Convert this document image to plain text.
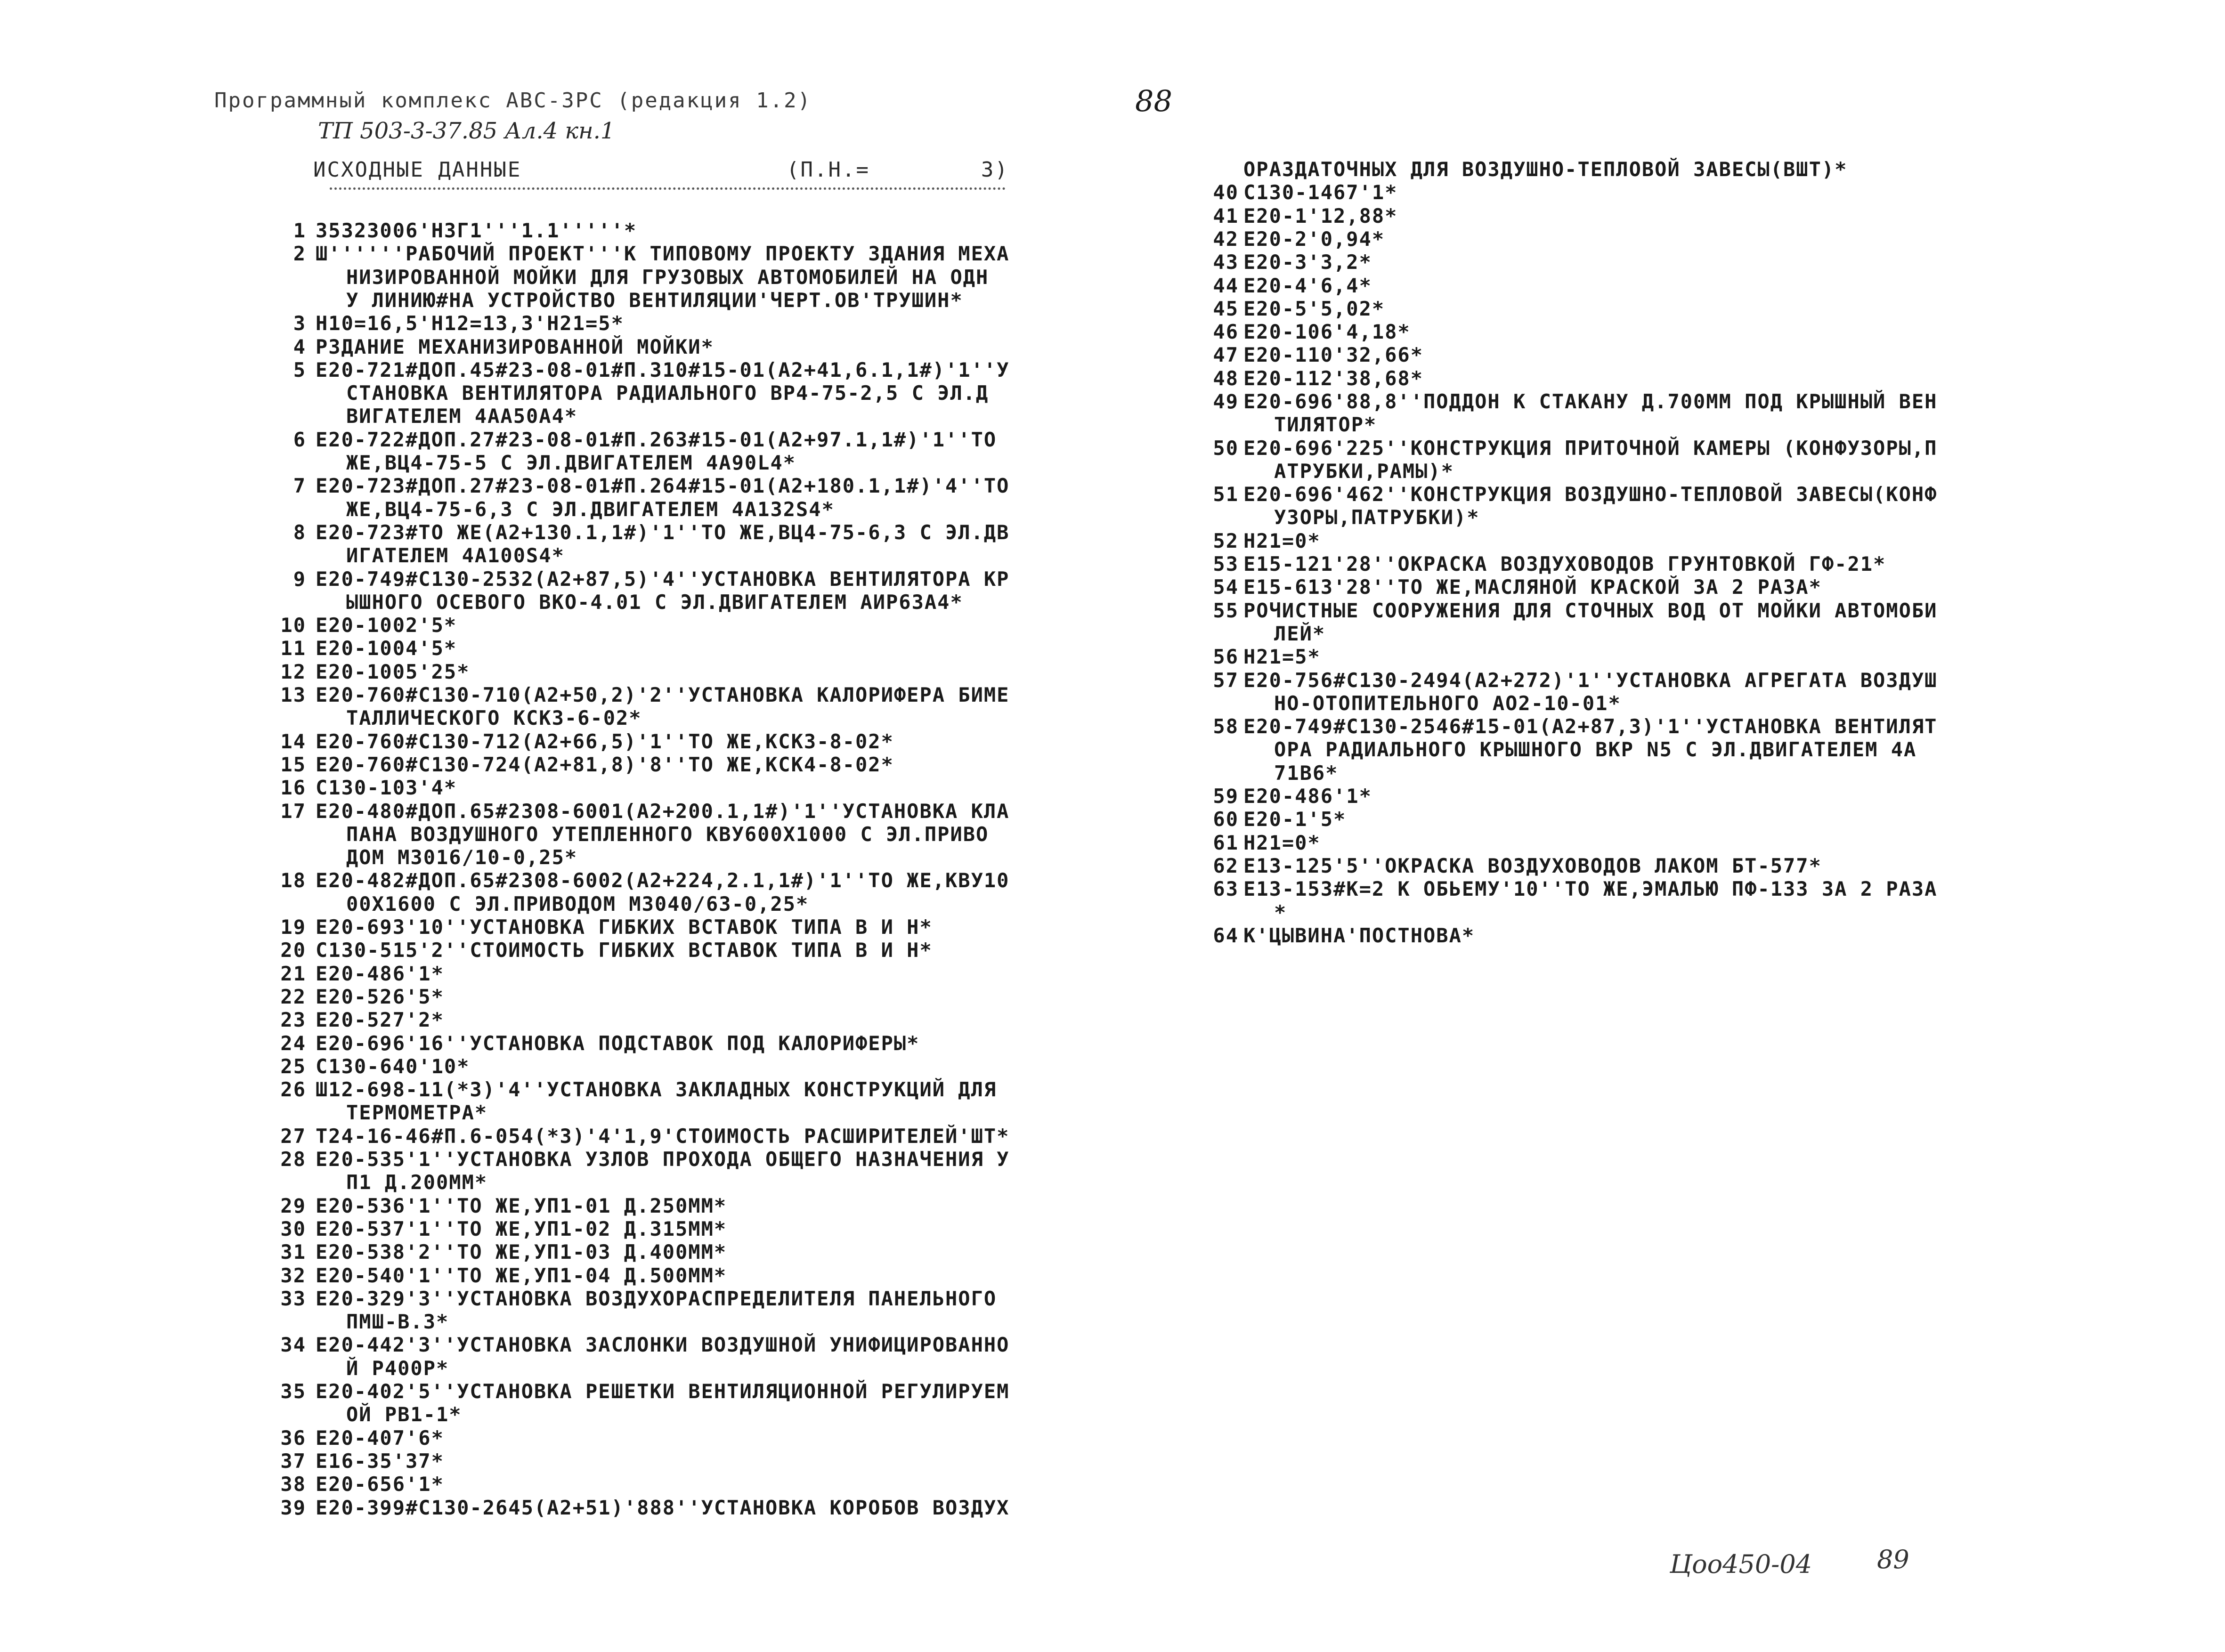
Программный комплекс АВС-ЗРС (редакция 1.2)	88
ТП 503-3-37.85 Ал.4 кн.1
ИСХОДНЫЕ ДАННЫЕ	(П.Н.=        3)
1 35323006'НЗГ1'''1.1'''''*
2 Ш''''''РАБОЧИЙ ПРОЕКТ'''К ТИПОВОМУ ПРОЕКТУ ЗДАНИЯ МЕХА
НИЗИРОВАННОЙ МОЙКИ ДЛЯ ГРУЗОВЫХ АВТОМОБИЛЕЙ НА ОДН
У ЛИНИЮ#НА УСТРОЙСТВО ВЕНТИЛЯЦИИ'ЧЕРТ.ОВ'ТРУШИН*
3 Н10=16,5'Н12=13,3'Н21=5*
4 РЗДАНИЕ МЕХАНИЗИРОВАННОЙ МОЙКИ*
5 Е20-721#ДОП.45#23-08-01#П.310#15-01(А2+41,6.1,1#)'1''У
СТАНОВКА ВЕНТИЛЯТОРА РАДИАЛЬНОГО ВР4-75-2,5 С ЭЛ.Д
ВИГАТЕЛЕМ 4АА50А4*
6 Е20-722#ДОП.27#23-08-01#П.263#15-01(А2+97.1,1#)'1''ТО
ЖЕ,ВЦ4-75-5 С ЭЛ.ДВИГАТЕЛЕМ 4А90L4*
7 Е20-723#ДОП.27#23-08-01#П.264#15-01(А2+180.1,1#)'4''ТО
ЖЕ,ВЦ4-75-6,3 С ЭЛ.ДВИГАТЕЛЕМ 4А132S4*
8 Е20-723#ТО ЖЕ(А2+130.1,1#)'1''ТО ЖЕ,ВЦ4-75-6,3 С ЭЛ.ДВ
ИГАТЕЛЕМ 4А100S4*
9 Е20-749#С130-2532(А2+87,5)'4''УСТАНОВКА ВЕНТИЛЯТОРА КР
ЫШНОГО ОСЕВОГО ВКО-4.01 С ЭЛ.ДВИГАТЕЛЕМ АИР63А4*
10 Е20-1002'5*
11 Е20-1004'5*
12 Е20-1005'25*
13 Е20-760#С130-710(А2+50,2)'2''УСТАНОВКА КАЛОРИФЕРА БИМЕ
ТАЛЛИЧЕСКОГО КСК3-6-02*
14 Е20-760#С130-712(А2+66,5)'1''ТО ЖЕ,КСК3-8-02*
15 Е20-760#С130-724(А2+81,8)'8''ТО ЖЕ,КСК4-8-02*
16 С130-103'4*
17 Е20-480#ДОП.65#2308-6001(А2+200.1,1#)'1''УСТАНОВКА КЛА
ПАНА ВОЗДУШНОГО УТЕПЛЕННОГО КВУ600Х1000 С ЭЛ.ПРИВО
ДОМ М3016/10-0,25*
18 Е20-482#ДОП.65#2308-6002(А2+224,2.1,1#)'1''ТО ЖЕ,КВУ10
00Х1600 С ЭЛ.ПРИВОДОМ М3040/63-0,25*
19 Е20-693'10''УСТАНОВКА ГИБКИХ ВСТАВОК ТИПА В И Н*
20 С130-515'2''СТОИМОСТЬ ГИБКИХ ВСТАВОК ТИПА В И Н*
21 Е20-486'1*
22 Е20-526'5*
23 Е20-527'2*
24 Е20-696'16''УСТАНОВКА ПОДСТАВОК ПОД КАЛОРИФЕРЫ*
25 С130-640'10*
26 Ш12-698-11(*3)'4''УСТАНОВКА ЗАКЛАДНЫХ КОНСТРУКЦИЙ ДЛЯ
ТЕРМОМЕТРА*
27 Т24-16-46#П.6-054(*3)'4'1,9'СТОИМОСТЬ РАСШИРИТЕЛЕЙ'ШТ*
28 Е20-535'1''УСТАНОВКА УЗЛОВ ПРОХОДА ОБЩЕГО НАЗНАЧЕНИЯ У
П1 Д.200ММ*
29 Е20-536'1''ТО ЖЕ,УП1-01 Д.250ММ*
30 Е20-537'1''ТО ЖЕ,УП1-02 Д.315ММ*
31 Е20-538'2''ТО ЖЕ,УП1-03 Д.400ММ*
32 Е20-540'1''ТО ЖЕ,УП1-04 Д.500ММ*
33 Е20-329'3''УСТАНОВКА ВОЗДУХОРАСПРЕДЕЛИТЕЛЯ ПАНЕЛЬНОГО
ПМШ-В.3*
34 Е20-442'3''УСТАНОВКА ЗАСЛОНКИ ВОЗДУШНОЙ УНИФИЦИРОВАННО
Й Р400Р*
35 Е20-402'5''УСТАНОВКА РЕШЕТКИ ВЕНТИЛЯЦИОННОЙ РЕГУЛИРУЕМ
ОЙ РВ1-1*
36 Е20-407'6*
37 Е16-35'37*
38 Е20-656'1*
39 Е20-399#С130-2645(А2+51)'888''УСТАНОВКА КОРОБОВ ВОЗДУХ
ОРАЗДАТОЧНЫХ ДЛЯ ВОЗДУШНО-ТЕПЛОВОЙ ЗАВЕСЫ(ВШТ)*
40 С130-1467'1*
41 Е20-1'12,88*
42 Е20-2'0,94*
43 Е20-3'3,2*
44 Е20-4'6,4*
45 Е20-5'5,02*
46 Е20-106'4,18*
47 Е20-110'32,66*
48 Е20-112'38,68*
49 Е20-696'88,8''ПОДДОН К СТАКАНУ Д.700ММ ПОД КРЫШНЫЙ ВЕН
ТИЛЯТОР*
50 Е20-696'225''КОНСТРУКЦИЯ ПРИТОЧНОЙ КАМЕРЫ (КОНФУЗОРЫ,П
АТРУБКИ,РАМЫ)*
51 Е20-696'462''КОНСТРУКЦИЯ ВОЗДУШНО-ТЕПЛОВОЙ ЗАВЕСЫ(КОНФ
УЗОРЫ,ПАТРУБКИ)*
52 Н21=0*
53 Е15-121'28''ОКРАСКА ВОЗДУХОВОДОВ ГРУНТОВКОЙ ГФ-21*
54 Е15-613'28''ТО ЖЕ,МАСЛЯНОЙ КРАСКОЙ ЗА 2 РАЗА*
55 РОЧИСТНЫЕ СООРУЖЕНИЯ ДЛЯ СТОЧНЫХ ВОД ОТ МОЙКИ АВТОМОБИ
ЛЕЙ*
56 Н21=5*
57 Е20-756#С130-2494(А2+272)'1''УСТАНОВКА АГРЕГАТА ВОЗДУШ
НО-ОТОПИТЕЛЬНОГО АО2-10-01*
58 Е20-749#С130-2546#15-01(А2+87,3)'1''УСТАНОВКА ВЕНТИЛЯТ
ОРА РАДИАЛЬНОГО КРЫШНОГО ВКР N5 С ЭЛ.ДВИГАТЕЛЕМ 4А
71В6*
59 Е20-486'1*
60 Е20-1'5*
61 Н21=0*
62 Е13-125'5''ОКРАСКА ВОЗДУХОВОДОВ ЛАКОМ БТ-577*
63 Е13-153#К=2 К ОБЬЕМУ'10''ТО ЖЕ,ЭМАЛЬЮ ПФ-133 ЗА 2 РАЗА
*
64 К'ЦЫВИНА'ПОСТНОВА*
Цоо450-04	89
